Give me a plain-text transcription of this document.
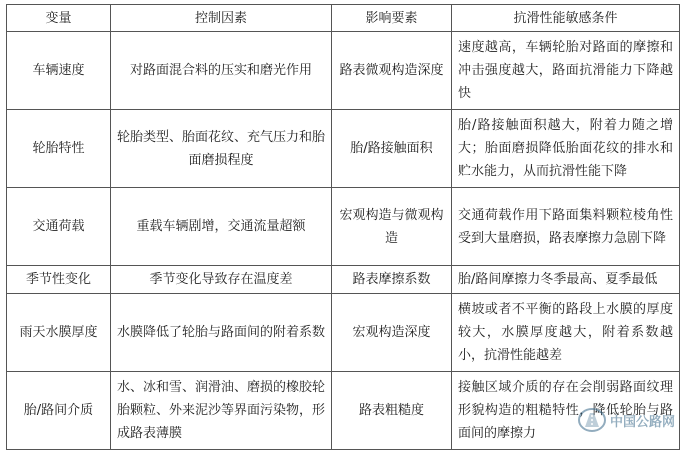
变量	控制因素	影响要素	抗滑性能敏感条件
车辆速度	对路面混合料的压实和磨光作用	路表微观构造深度	速度越高，车辆轮胎对路面的摩擦和冲击强度越大，路面抗滑能力下降越快
轮胎特性	轮胎类型、胎面花纹、充气压力和胎面磨损程度	胎/路接触面积	胎/路接触面积越大，附着力随之增大；胎面磨损降低胎面花纹的排水和贮水能力，从而抗滑性能下降
交通荷载	重载车辆剧增，交通流量超额	宏观构造与微观构造	交通荷载作用下路面集料颗粒棱角性受到大量磨损，路表摩擦力急剧下降
季节性变化	季节变化导致存在温度差	路表摩擦系数	胎/路间摩擦力冬季最高、夏季最低
雨天水膜厚度	水膜降低了轮胎与路面间的附着系数	宏观构造深度	横坡或者不平衡的路段上水膜的厚度较大，水膜厚度越大，附着系数越小，抗滑性能越差
胎/路间介质	水、冰和雪、润滑油、磨损的橡胶轮胎颗粒、外来泥沙等界面污染物，形成路表薄膜	路表粗糙度	接触区域介质的存在会削弱路面纹理形貌构造的粗糙特性，降低轮胎与路面间的摩擦力
中国公路网
